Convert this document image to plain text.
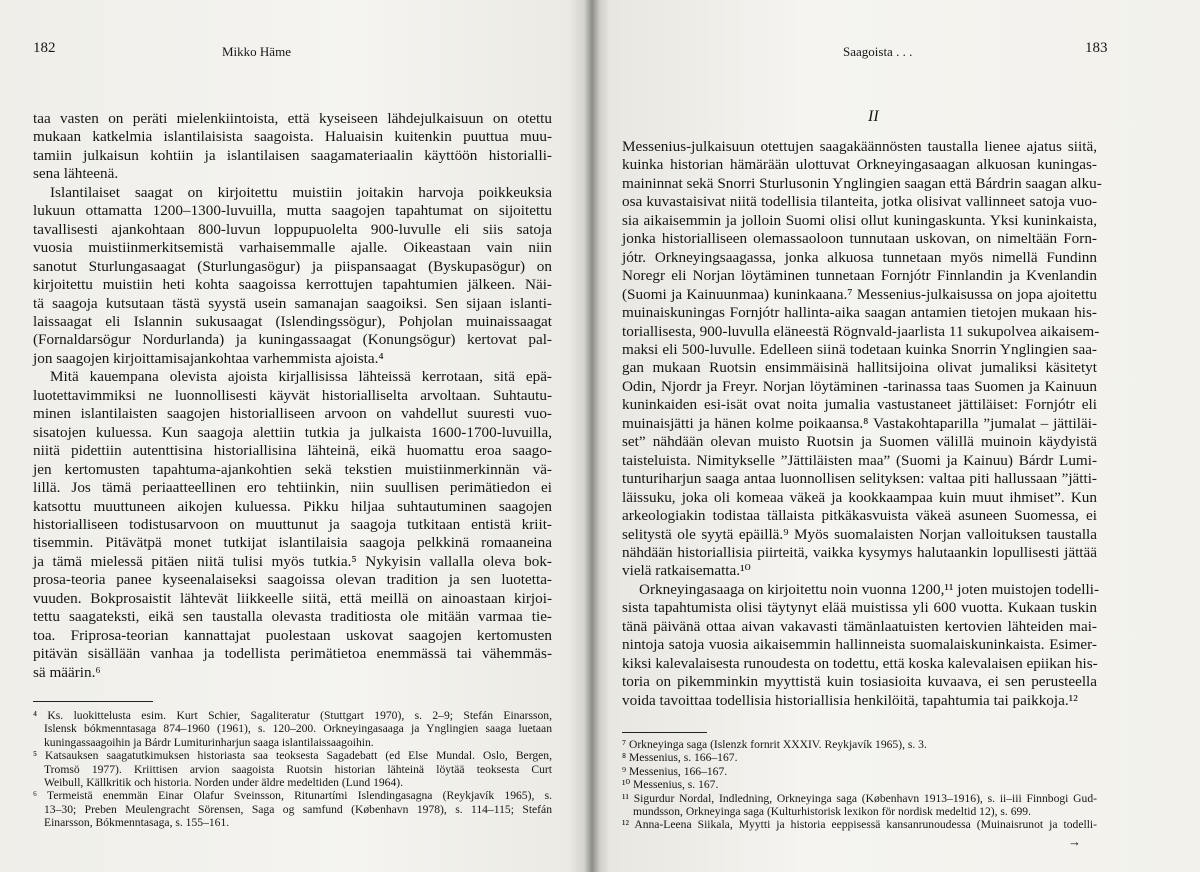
182	Mikko Häme
taa vasten on peräti mielenkiintoista, että kyseiseen lähdejulkaisuun on otettu
mukaan katkelmia islantilaisista saagoista. Haluaisin kuitenkin puuttua muu-
tamiin julkaisun kohtiin ja islantilaisen saagamateriaalin käyttöön historialli-
sena lähteenä.
Islantilaiset saagat on kirjoitettu muistiin joitakin harvoja poikkeuksia
lukuun ottamatta 1200–1300-luvuilla, mutta saagojen tapahtumat on sijoitettu
tavallisesti ajankohtaan 800-luvun loppupuolelta 900-luvulle eli siis satoja
vuosia muistiinmerkitsemistä varhaisemmalle ajalle. Oikeastaan vain niin
sanotut Sturlungasaagat (Sturlungasögur) ja piispansaagat (Byskupasögur) on
kirjoitettu muistiin heti kohta saagoissa kerrottujen tapahtumien jälkeen. Näi-
tä saagoja kutsutaan tästä syystä usein samanajan saagoiksi. Sen sijaan islanti-
laissaagat eli Islannin sukusaagat (Islendingssögur), Pohjolan muinaissaagat
(Fornaldarsögur Nordurlanda) ja kuningassaagat (Konungsögur) kertovat pal-
jon saagojen kirjoittamisajankohtaa varhemmista ajoista.⁴
Mitä kauempana olevista ajoista kirjallisissa lähteissä kerrotaan, sitä epä-
luotettavimmiksi ne luonnollisesti käyvät historialliselta arvoltaan. Suhtautu-
minen islantilaisten saagojen historialliseen arvoon on vahdellut suuresti vuo-
sisatojen kuluessa. Kun saagoja alettiin tutkia ja julkaista 1600-1700-luvuilla,
niitä pidettiin autenttisina historiallisina lähteinä, eikä huomattu eroa saago-
jen kertomusten tapahtuma-ajankohtien sekä tekstien muistiinmerkinnän vä-
lillä. Jos tämä periaatteellinen ero tehtiinkin, niin suullisen perimätiedon ei
katsottu muuttuneen aikojen kuluessa. Pikku hiljaa suhtautuminen saagojen
historialliseen todistusarvoon on muuttunut ja saagoja tutkitaan entistä kriit-
tisemmin. Pitävätpä monet tutkijat islantilaisia saagoja pelkkinä romaaneina
ja tämä mielessä pitäen niitä tulisi myös tutkia.⁵ Nykyisin vallalla oleva bok-
prosa-teoria panee kyseenalaiseksi saagoissa olevan tradition ja sen luotetta-
vuuden. Bokprosaistit lähtevät liikkeelle siitä, että meillä on ainoastaan kirjoi-
tettu saagateksti, eikä sen taustalla olevasta traditiosta ole mitään varmaa tie-
toa. Friprosa-teorian kannattajat puolestaan uskovat saagojen kertomusten
pitävän sisällään vanhaa ja todellista perimätietoa enemmässä tai vähemmäs-
sä määrin.⁶
⁴ Ks. luokittelusta esim. Kurt Schier, Sagaliteratur (Stuttgart 1970), s. 2–9; Stefán Einarsson,
Islensk bókmenntasaga 874–1960 (1961), s. 120–200. Orkneyingasaaga ja Ynglingien saaga luetaan
kuningassaagoihin ja Bárdr Lumiturinharjun saaga islantilaissaagoihin.
⁵ Katsauksen saagatutkimuksen historiasta saa teoksesta Sagadebatt (ed Else Mundal. Oslo, Bergen,
Tromsö 1977). Kriittisen arvion saagoista Ruotsin historian lähteinä löytää teoksesta Curt
Weibull, Källkritik och historia. Norden under äldre medeltiden (Lund 1964).
⁶ Termeistä enemmän Einar Olafur Sveinsson, Ritunartími Islendingasagna (Reykjavík 1965), s.
13–30; Preben Meulengracht Sörensen, Saga og samfund (København 1978), s. 114–115; Stefán
Einarsson, Bókmenntasaga, s. 155–161.
Saagoista . . .	183
II
Messenius-julkaisuun otettujen saagakäännösten taustalla lienee ajatus siitä,
kuinka historian hämärään ulottuvat Orkneyingasaagan alkuosan kuningas-
maininnat sekä Snorri Sturlusonin Ynglingien saagan että Bárdrin saagan alku-
osa kuvastaisivat niitä todellisia tilanteita, jotka olisivat vallinneet satoja vuo-
sia aikaisemmin ja jolloin Suomi olisi ollut kuningaskunta. Yksi kuninkaista,
jonka historialliseen olemassaoloon tunnutaan uskovan, on nimeltään Forn-
jótr. Orkneyingsaagassa, jonka alkuosa tunnetaan myös nimellä Fundinn
Noregr eli Norjan löytäminen tunnetaan Fornjótr Finnlandin ja Kvenlandin
(Suomi ja Kainuunmaa) kuninkaana.⁷ Messenius-julkaisussa on jopa ajoitettu
muinaiskuningas Fornjótr hallinta-aika saagan antamien tietojen mukaan his-
toriallisesta, 900-luvulla eläneestä Rögnvald-jaarlista 11 sukupolvea aikaisem-
maksi eli 500-luvulle. Edelleen siinä todetaan kuinka Snorrin Ynglingien saa-
gan mukaan Ruotsin ensimmäisinä hallitsijoina olivat jumaliksi käsitetyt
Odin, Njordr ja Freyr. Norjan löytäminen -tarinassa taas Suomen ja Kainuun
kuninkaiden esi-isät ovat noita jumalia vastustaneet jättiläiset: Fornjótr eli
muinaisjätti ja hänen kolme poikaansa.⁸ Vastakohtaparilla ”jumalat – jättiläi-
set” nähdään olevan muisto Ruotsin ja Suomen välillä muinoin käydyistä
taisteluista. Nimitykselle ”Jättiläisten maa” (Suomi ja Kainuu) Bárdr Lumi-
tunturiharjun saaga antaa luonnollisen selityksen: valtaa piti hallussaan ”jätti-
läissuku, joka oli komeaa väkeä ja kookkaampaa kuin muut ihmiset”. Kun
arkeologiakin todistaa tällaista pitkäkasvuista väkeä asuneen Suomessa, ei
selitystä ole syytä epäillä.⁹ Myös suomalaisten Norjan valloituksen taustalla
nähdään historiallisia piirteitä, vaikka kysymys halutaankin lopullisesti jättää
vielä ratkaisematta.¹⁰
Orkneyingasaaga on kirjoitettu noin vuonna 1200,¹¹ joten muistojen todelli-
sista tapahtumista olisi täytynyt elää muistissa yli 600 vuotta. Kukaan tuskin
tänä päivänä ottaa aivan vakavasti tämänlaatuisten kertovien lähteiden mai-
nintoja satoja vuosia aikaisemmin hallinneista suomalaiskuninkaista. Esimer-
kiksi kalevalaisesta runoudesta on todettu, että koska kalevalaisen epiikan his-
toria on pikemminkin myyttistä kuin tosiasioita kuvaava, ei sen perusteella
voida tavoittaa todellisia historiallisia henkilöitä, tapahtumia tai paikkoja.¹²
⁷ Orkneyinga saga (Islenzk fornrit XXXIV. Reykjavík 1965), s. 3.
⁸ Messenius, s. 166–167.
⁹ Messenius, 166–167.
¹⁰ Messenius, s. 167.
¹¹ Sigurdur Nordal, Indledning, Orkneyinga saga (København 1913–1916), s. ii–iii Finnbogi Gud-
mundsson, Orkneyinga saga (Kulturhistorisk lexikon för nordisk medeltid 12), s. 699.
¹² Anna-Leena Siikala, Myytti ja historia eeppisessä kansanrunoudessa (Muinaisrunot ja todelli-
→
